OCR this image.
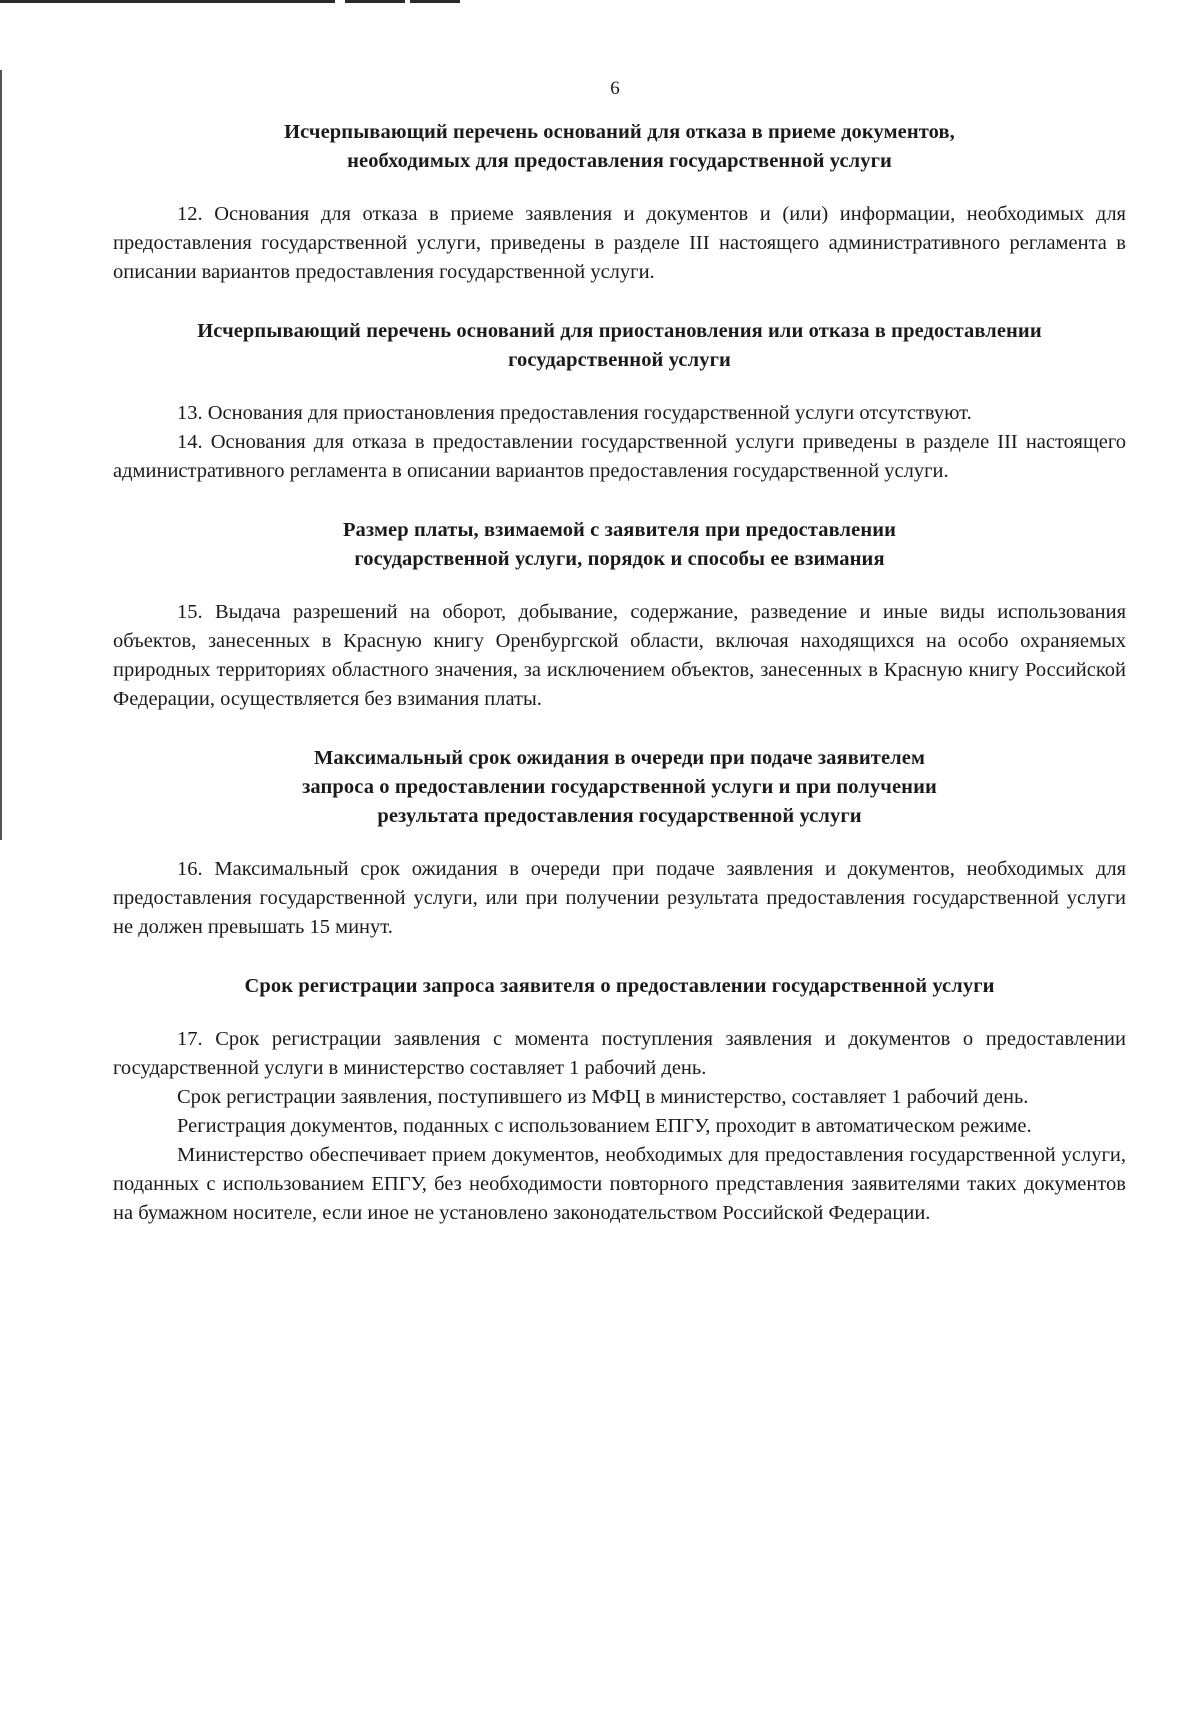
6
Исчерпывающий перечень оснований для отказа в приеме документов,
необходимых для предоставления государственной услуги

12. Основания для отказа в приеме заявления и документов и (или) информации, необходимых для предоставления государственной услуги, приведены в разделе III настоящего административного регламента в описании вариантов предоставления государственной услуги.

Исчерпывающий перечень оснований для приостановления или отказа в предоставлении
государственной услуги

13. Основания для приостановления предоставления государственной услуги отсутствуют.

14. Основания для отказа в предоставлении государственной услуги приведены в разделе III настоящего административного регламента в описании вариантов предоставления государственной услуги.

Размер платы, взимаемой с заявителя при предоставлении
государственной услуги, порядок и способы ее взимания

15. Выдача разрешений на оборот, добывание, содержание, разведение и иные виды использования объектов, занесенных в Красную книгу Оренбургской области, включая находящихся на особо охраняемых природных территориях областного значения, за исключением объектов, занесенных в Красную книгу Российской Федерации, осуществляется без взимания платы.

Максимальный срок ожидания в очереди при подаче заявителем
запроса о предоставлении государственной услуги и при получении
результата предоставления государственной услуги

16. Максимальный срок ожидания в очереди при подаче заявления и документов, необходимых для предоставления государственной услуги, или при получении результата предоставления государственной услуги не должен превышать 15 минут.

Срок регистрации запроса заявителя о предоставлении государственной услуги

17. Срок регистрации заявления с момента поступления заявления и документов о предоставлении государственной услуги в министерство составляет 1 рабочий день.

Срок регистрации заявления, поступившего из МФЦ в министерство, составляет 1 рабочий день.

Регистрация документов, поданных с использованием ЕПГУ, проходит в автоматическом режиме.

Министерство обеспечивает прием документов, необходимых для предоставления государственной услуги, поданных с использованием ЕПГУ, без необходимости повторного представления заявителями таких документов на бумажном носителе, если иное не установлено законодательством Российской Федерации.
